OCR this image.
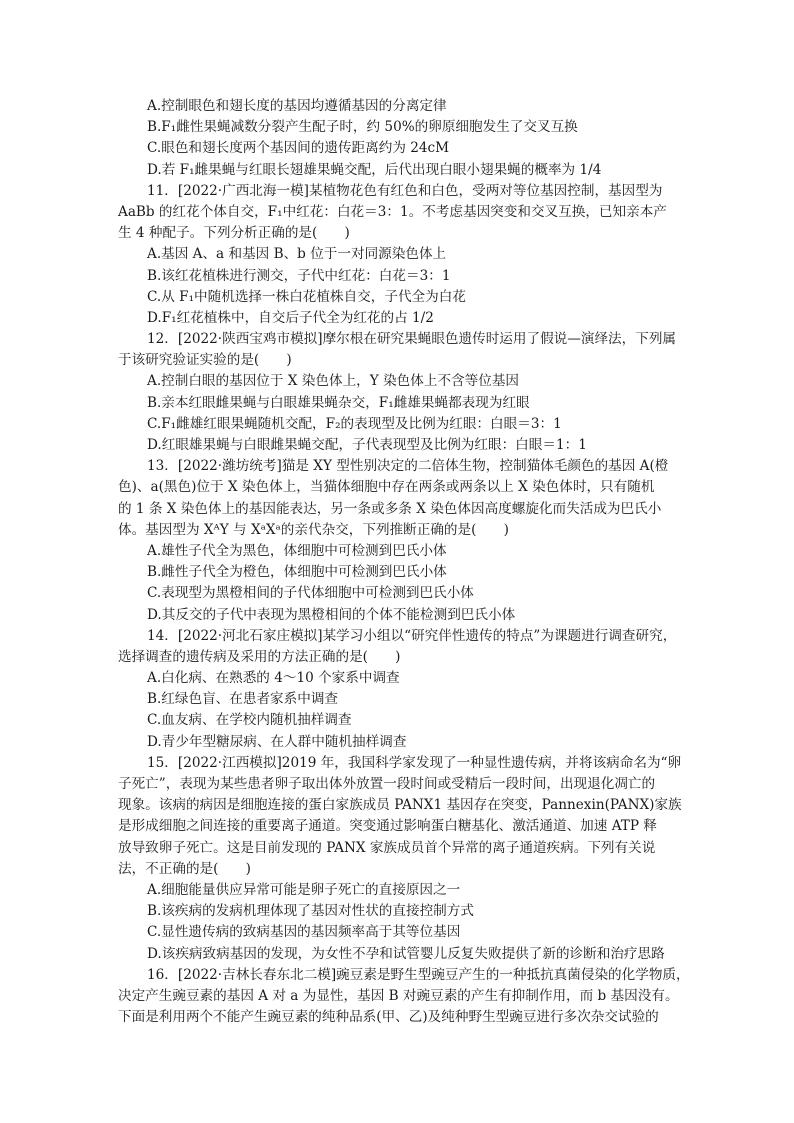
A.控制眼色和翅长度的基因均遵循基因的分离定律
B.F₁雌性果蝇减数分裂产生配子时，约 50%的卵原细胞发生了交叉互换
C.眼色和翅长度两个基因间的遗传距离约为 24cM
D.若 F₁雌果蝇与红眼长翅雄果蝇交配，后代出现白眼小翅果蝇的概率为 1/4
11．[2022·广西北海一模]某植物花色有红色和白色，受两对等位基因控制，基因型为
AaBb 的红花个体自交，F₁中红花：白花＝3：1。不考虑基因突变和交叉互换，已知亲本产
生 4 种配子。下列分析正确的是(　　)
A.基因 A、a 和基因 B、b 位于一对同源染色体上
B.该红花植株进行测交，子代中红花：白花＝3：1
C.从 F₁中随机选择一株白花植株自交，子代全为白花
D.F₁红花植株中，自交后子代全为红花的占 1/2
12．[2022·陕西宝鸡市模拟]摩尔根在研究果蝇眼色遗传时运用了假说—演绎法，下列属
于该研究验证实验的是(　　)
A.控制白眼的基因位于 X 染色体上，Y 染色体上不含等位基因
B.亲本红眼雌果蝇与白眼雄果蝇杂交，F₁雌雄果蝇都表现为红眼
C.F₁雌雄红眼果蝇随机交配，F₂的表现型及比例为红眼：白眼＝3：1
D.红眼雄果蝇与白眼雌果蝇交配，子代表现型及比例为红眼：白眼＝1：1
13．[2022·潍坊统考]猫是 XY 型性别决定的二倍体生物，控制猫体毛颜色的基因 A(橙
色)、a(黑色)位于 X 染色体上，当猫体细胞中存在两条或两条以上 X 染色体时，只有随机
的 1 条 X 染色体上的基因能表达，另一条或多条 X 染色体因高度螺旋化而失活成为巴氏小
体。基因型为 XᴬY 与 XᵃXᵃ的亲代杂交，下列推断正确的是(　　)
A.雄性子代全为黑色，体细胞中可检测到巴氏小体
B.雌性子代全为橙色，体细胞中可检测到巴氏小体
C.表现型为黑橙相间的子代体细胞中可检测到巴氏小体
D.其反交的子代中表现为黑橙相间的个体不能检测到巴氏小体
14．[2022·河北石家庄模拟]某学习小组以“研究伴性遗传的特点”为课题进行调查研究，
选择调查的遗传病及采用的方法正确的是(　　)
A.白化病、在熟悉的 4～10 个家系中调查
B.红绿色盲、在患者家系中调查
C.血友病、在学校内随机抽样调查
D.青少年型糖尿病、在人群中随机抽样调查
15．[2022·江西模拟]2019 年，我国科学家发现了一种显性遗传病，并将该病命名为“卵
子死亡”，表现为某些患者卵子取出体外放置一段时间或受精后一段时间，出现退化凋亡的
现象。该病的病因是细胞连接的蛋白家族成员 PANX1 基因存在突变，Pannexin(PANX)家族
是形成细胞之间连接的重要离子通道。突变通过影响蛋白糖基化、激活通道、加速 ATP 释
放导致卵子死亡。这是目前发现的 PANX 家族成员首个异常的离子通道疾病。下列有关说
法，不正确的是(　　)
A.细胞能量供应异常可能是卵子死亡的直接原因之一
B.该疾病的发病机理体现了基因对性状的直接控制方式
C.显性遗传病的致病基因的基因频率高于其等位基因
D.该疾病致病基因的发现，为女性不孕和试管婴儿反复失败提供了新的诊断和治疗思路
16．[2022·吉林长春东北二模]豌豆素是野生型豌豆产生的一种抵抗真菌侵染的化学物质，
决定产生豌豆素的基因 A 对 a 为显性，基因 B 对豌豆素的产生有抑制作用，而 b 基因没有。
下面是利用两个不能产生豌豆素的纯种品系(甲、乙)及纯种野生型豌豆进行多次杂交试验的
